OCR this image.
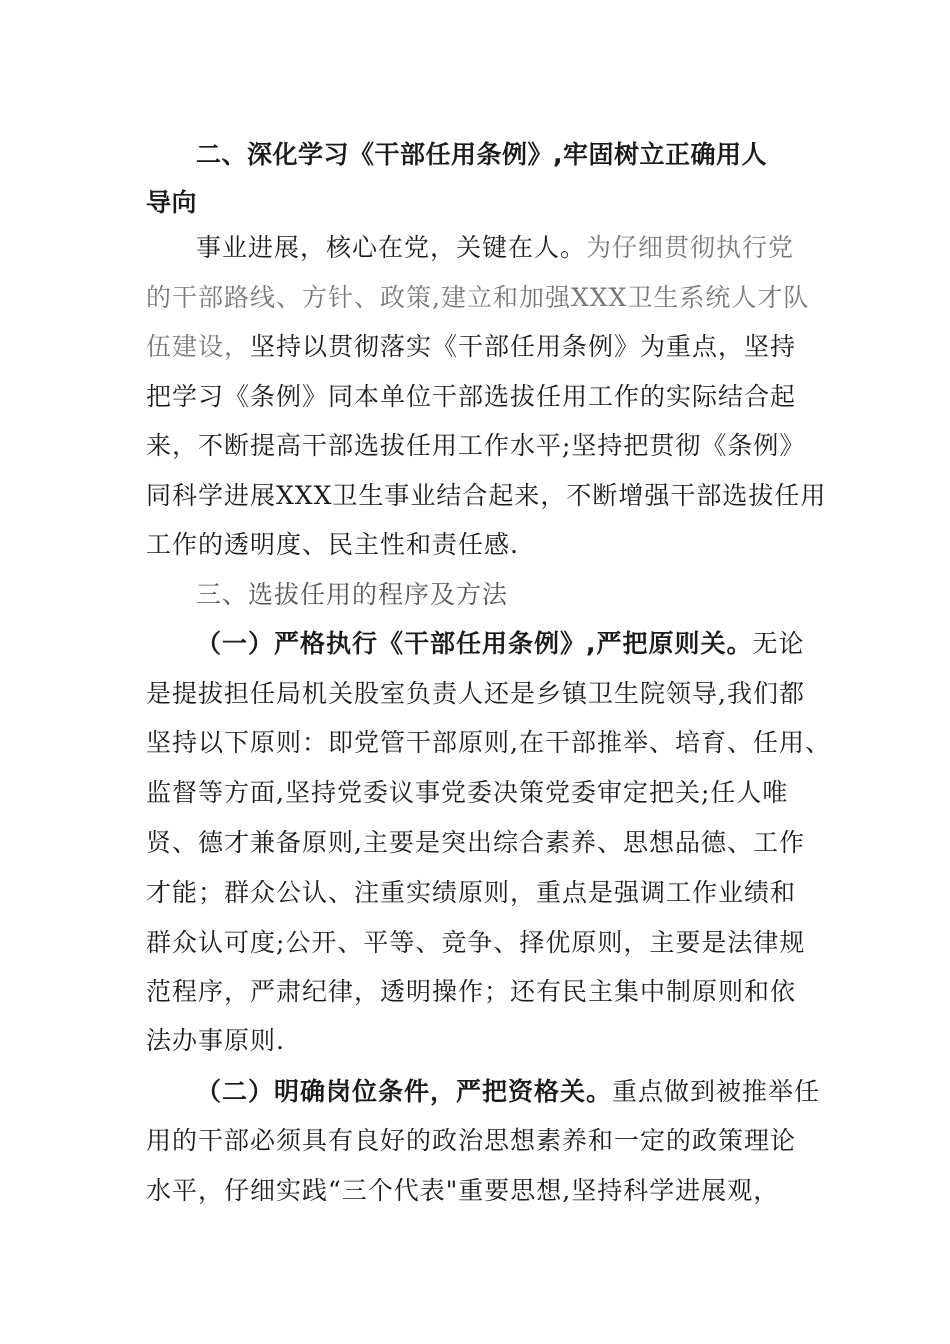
二、深化学习《干部任用条例》,牢固树立正确用人
导向
事业进展，核心在党，关键在人。为仔细贯彻执行党
的干部路线、方针、政策,建立和加强XXX卫生系统人才队
伍建设，坚持以贯彻落实《干部任用条例》为重点，坚持
把学习《条例》同本单位干部选拔任用工作的实际结合起
来，不断提高干部选拔任用工作水平;坚持把贯彻《条例》
同科学进展XXX卫生事业结合起来，不断增强干部选拔任用
工作的透明度、民主性和责任感.
三、选拔任用的程序及方法
（一）严格执行《干部任用条例》,严把原则关。无论
是提拔担任局机关股室负责人还是乡镇卫生院领导,我们都
坚持以下原则：即党管干部原则,在干部推举、培育、任用、
监督等方面,坚持党委议事党委决策党委审定把关;任人唯
贤、德才兼备原则,主要是突出综合素养、思想品德、工作
才能；群众公认、注重实绩原则，重点是强调工作业绩和
群众认可度;公开、平等、竞争、择优原则，主要是法律规
范程序，严肃纪律，透明操作；还有民主集中制原则和依
法办事原则.
（二）明确岗位条件，严把资格关。重点做到被推举任
用的干部必须具有良好的政治思想素养和一定的政策理论
水平，仔细实践“三个代表"重要思想,坚持科学进展观，
